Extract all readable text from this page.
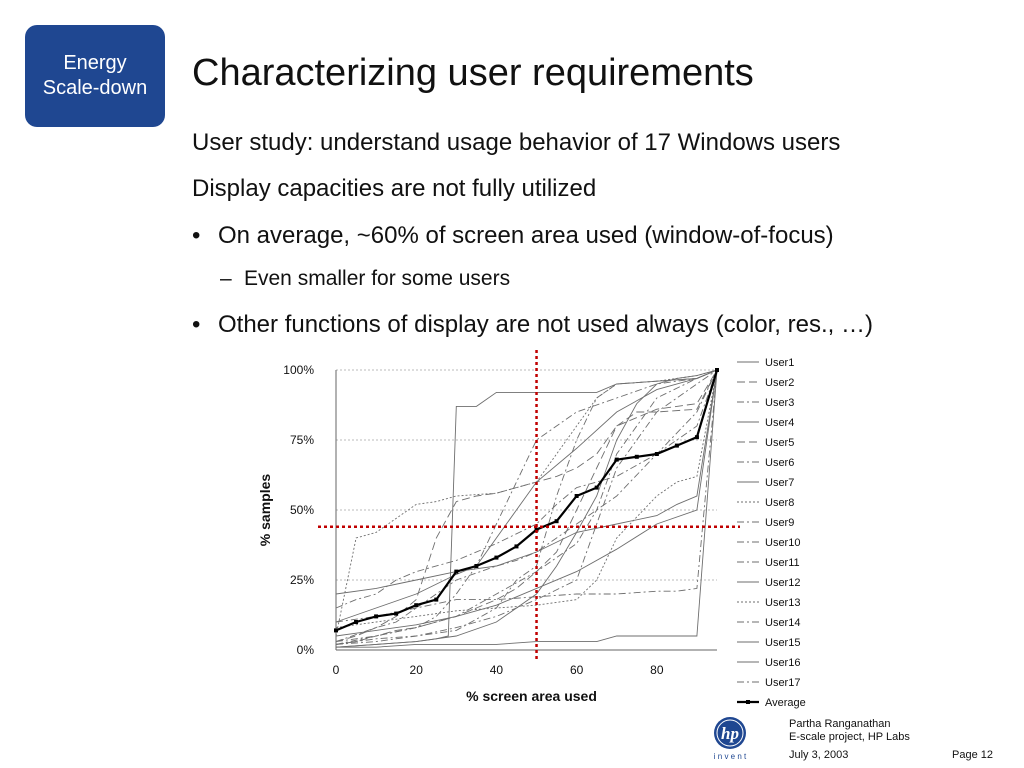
Energy
Scale-down Characterizing user requirements
User study: understand usage behavior of 17 Windows users
Display capacities are not fully utilized
• On average, ~60% of screen area used (window-of-focus)
– Even smaller for some users
• Other functions of display are not used always (color, res., …)
0%
25%
50%
75%
100%
0	20	40	60	80
% screen area used
% samples
User1
User2
User3
User4
User5
User6
User7
User8
User9
User10
User11
User12
User13
User14
User15
User16
User17
Average
hp
i n v e n t
Partha Ranganathan
E-scale project, HP Labs
July 3, 2003	Page 12
